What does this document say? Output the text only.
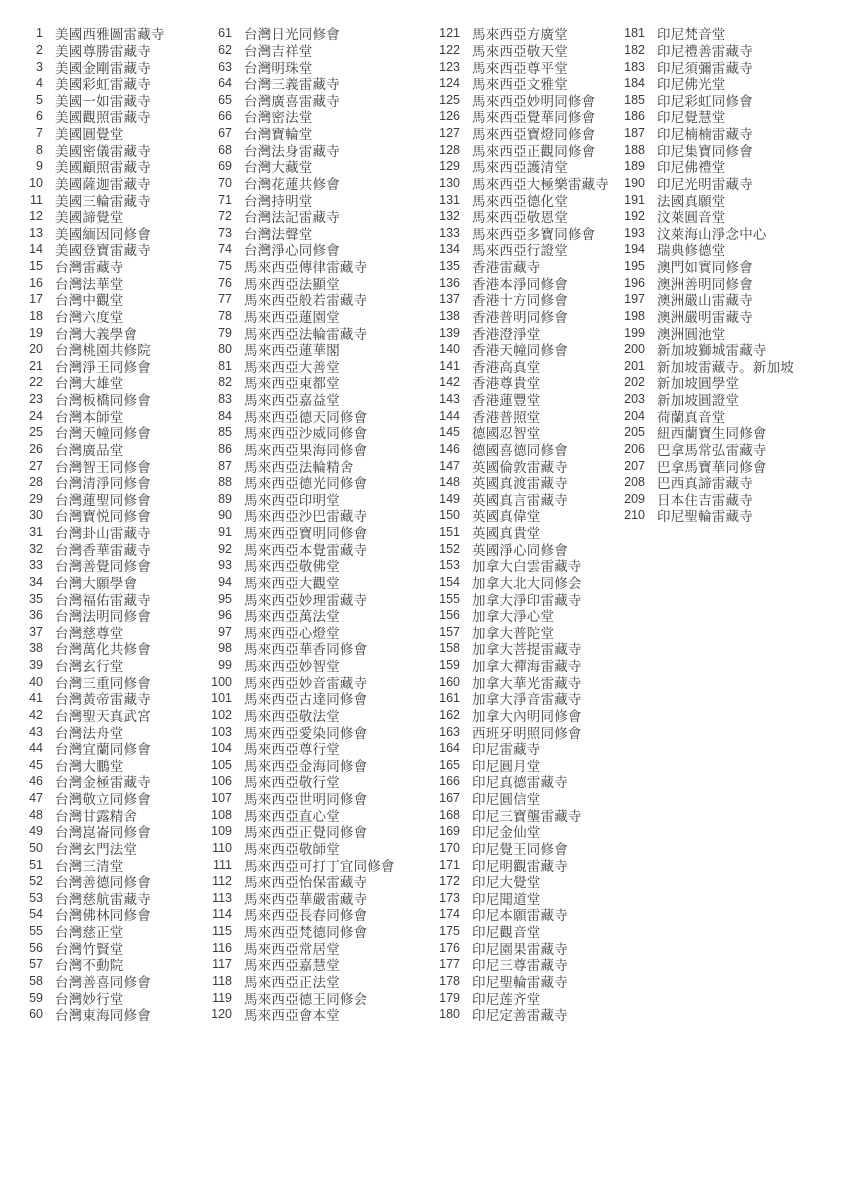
1 美國西雅圖雷藏寺
2 美國尊勝雷藏寺
3 美國金剛雷藏寺
4 美國彩虹雷藏寺
5 美國一如雷藏寺
6 美國觀照雷藏寺
7 美國圓覺堂
8 美國密儀雷藏寺
9 美國顧照雷藏寺
10 美國薩迦雷藏寺
11 美國三輪雷藏寺
12 美國諦覺堂
13 美國緬因同修會
14 美國登寶雷藏寺
15 台灣雷藏寺
16 台灣法華堂
17 台灣中觀堂
18 台灣六度堂
19 台灣大義學會
20 台灣桃園共修院
21 台灣淨王同修會
22 台灣大雄堂
23 台灣板橋同修會
24 台灣本師堂
25 台灣天幢同修會
26 台灣廣品堂
27 台灣智王同修會
28 台灣清淨同修會
29 台灣蓮聖同修會
30 台灣寶悦同修會
31 台灣卦山雷藏寺
32 台灣香華雷藏寺
33 台灣善覺同修會
34 台灣大願學會
35 台灣福佑雷藏寺
36 台灣法明同修會
37 台灣慈尊堂
38 台灣萬化共修會
39 台灣玄行堂
40 台灣三重同修會
41 台灣黃帝雷藏寺
42 台灣聖天真武宮
43 台灣法舟堂
44 台灣宜蘭同修會
45 台灣大鵬堂
46 台灣金極雷藏寺
47 台灣敬立同修會
48 台灣甘露精舍
49 台灣崑崙同修會
50 台灣玄門法堂
51 台灣三清堂
52 台灣善德同修會
53 台灣慈航雷藏寺
54 台灣佛林同修會
55 台灣慈正堂
56 台灣竹賢堂
57 台灣不動院
58 台灣善喜同修會
59 台灣妙行堂
60 台灣東海同修會
61 台灣日光同修會
62 台灣吉祥堂
63 台灣明珠堂
64 台灣三義雷藏寺
65 台灣廣喜雷藏寺
66 台灣密法堂
67 台灣寶輪堂
68 台灣法身雷藏寺
69 台灣大藏堂
70 台灣花蓮共修會
71 台灣持明堂
72 台灣法記雷藏寺
73 台灣法聲堂
74 台灣淨心同修會
75 馬來西亞傳律雷藏寺
76 馬來西亞法顯堂
77 馬來西亞般若雷藏寺
78 馬來西亞蓮園堂
79 馬來西亞法輪雷藏寺
80 馬來西亞蓮華閣
81 馬來西亞大善堂
82 馬來西亞東都堂
83 馬來西亞嘉益堂
84 馬來西亞德天同修會
85 馬來西亞沙威同修會
86 馬來西亞果海同修會
87 馬來西亞法輪精舍
88 馬來西亞德光同修會
89 馬來西亞印明堂
90 馬來西亞沙巴雷藏寺
91 馬來西亞寶明同修會
92 馬來西亞本覺雷藏寺
93 馬來西亞敬佛堂
94 馬來西亞大觀堂
95 馬來西亞妙理雷藏寺
96 馬來西亞萬法堂
97 馬來西亞心燈堂
98 馬來西亞華香同修會
99 馬來西亞妙智堂
100 馬來西亞妙音雷藏寺
101 馬來西亞古達同修會
102 馬來西亞敬法堂
103 馬來西亞愛染同修會
104 馬來西亞尊行堂
105 馬來西亞金海同修會
106 馬來西亞敬行堂
107 馬來西亞世明同修會
108 馬來西亞直心堂
109 馬來西亞正覺同修會
110 馬來西亞敬師堂
111 馬來西亞可打丁宜同修會
112 馬來西亞怡保雷藏寺
113 馬來西亞華嚴雷藏寺
114 馬來西亞長春同修會
115 馬來西亞梵德同修會
116 馬來西亞常居堂
117 馬來西亞嘉慧堂
118 馬來西亞正法堂
119 馬來西亞德王同修会
120 馬來西亞會本堂
121 馬來西亞方廣堂
122 馬來西亞敬天堂
123 馬來西亞尊平堂
124 馬來西亞文雅堂
125 馬來西亞妙明同修會
126 馬來西亞覺華同修會
127 馬來西亞寶燈同修會
128 馬來西亞正觀同修會
129 馬來西亞護清堂
130 馬來西亞大極樂雷藏寺
131 馬來西亞德化堂
132 馬來西亞敬恩堂
133 馬來西亞多寶同修會
134 馬來西亞行證堂
135 香港雷藏寺
136 香港本淨同修會
137 香港十方同修會
138 香港普明同修會
139 香港澄淨堂
140 香港天幢同修會
141 香港高真堂
142 香港尊貴堂
143 香港蓮豐堂
144 香港普照堂
145 德國忍智堂
146 德國喜德同修會
147 英國倫敦雷藏寺
148 英國真渡雷藏寺
149 英國真言雷藏寺
150 英國真偉堂
151 英國真貴堂
152 英國淨心同修會
153 加拿大白雲雷藏寺
154 加拿大北大同修会
155 加拿大淨印雷藏寺
156 加拿大淨心堂
157 加拿大普陀堂
158 加拿大菩提雷藏寺
159 加拿大禪海雷藏寺
160 加拿大華光雷藏寺
161 加拿大淨音雷藏寺
162 加拿大內明同修會
163 西班牙明照同修會
164 印尼雷藏寺
165 印尼圓月堂
166 印尼真德雷藏寺
167 印尼圓信堂
168 印尼三寶壟雷藏寺
169 印尼金仙堂
170 印尼覺王同修會
171 印尼明觀雷藏寺
172 印尼大覺堂
173 印尼聞道堂
174 印尼本願雷藏寺
175 印尼觀音堂
176 印尼園果雷藏寺
177 印尼三尊雷藏寺
178 印尼聖輪雷藏寺
179 印尼莲齐堂
180 印尼定善雷藏寺
181 印尼梵音堂
182 印尼禮善雷藏寺
183 印尼須彌雷藏寺
184 印尼佛光堂
185 印尼彩虹同修會
186 印尼覺慧堂
187 印尼楠楠雷藏寺
188 印尼集寶同修會
189 印尼佛禮堂
190 印尼光明雷藏寺
191 法國真願堂
192 汶萊圓音堂
193 汶萊海山淨念中心
194 瑞典修德堂
195 澳門如實同修會
196 澳洲善明同修會
197 澳洲嚴山雷藏寺
198 澳洲嚴明雷藏寺
199 澳洲圓池堂
200 新加坡獅城雷藏寺
201 新加坡雷藏寺。新加坡
202 新加坡圓學堂
203 新加坡圓證堂
204 荷蘭真音堂
205 紐西蘭寶生同修會
206 巴拿馬常弘雷藏寺
207 巴拿馬寶華同修會
208 巴西真諦雷藏寺
209 日本住吉雷藏寺
210 印尼聖輪雷藏寺
